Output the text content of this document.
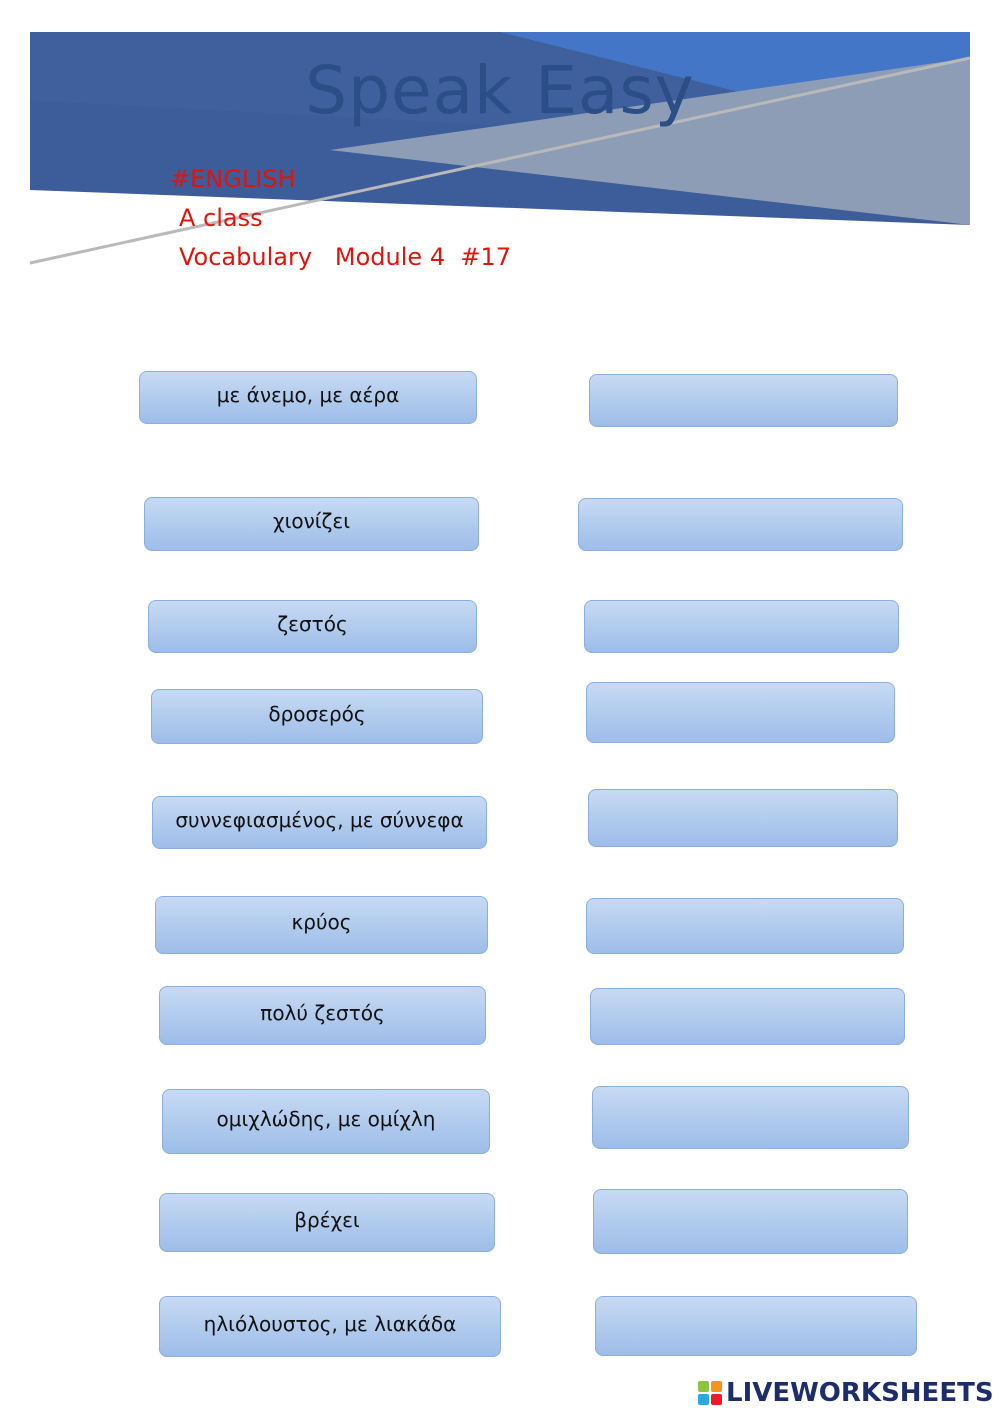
Speak Easy
#ENGLISH
A class
Vocabulary   Module 4  #17
με άνεμο, με αέρα
χιονίζει
ζεστός
δροσερός
συννεφιασμένος, με σύννεφα
κρύος
πολύ ζεστός
ομιχλώδης, με ομίχλη
βρέχει
ηλιόλουστος, με λιακάδα
LIVEWORKSHEETS
